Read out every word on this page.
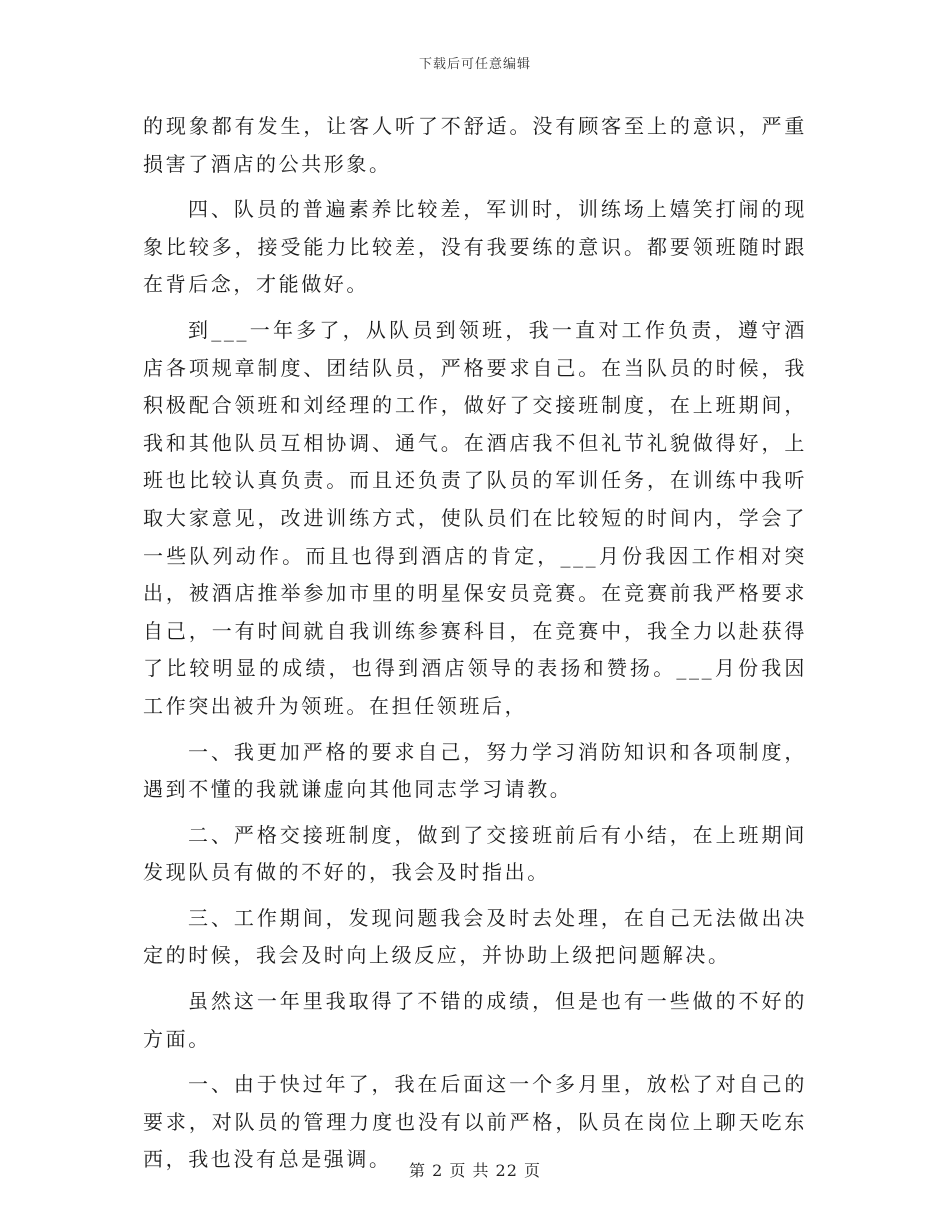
下载后可任意编辑

的现象都有发生，让客人听了不舒适。没有顾客至上的意识，严重损害了酒店的公共形象。

四、队员的普遍素养比较差，军训时，训练场上嬉笑打闹的现象比较多，接受能力比较差，没有我要练的意识。都要领班随时跟在背后念，才能做好。

到___一年多了，从队员到领班，我一直对工作负责，遵守酒店各项规章制度、团结队员，严格要求自己。在当队员的时候，我积极配合领班和刘经理的工作，做好了交接班制度，在上班期间，我和其他队员互相协调、通气。在酒店我不但礼节礼貌做得好，上班也比较认真负责。而且还负责了队员的军训任务，在训练中我听取大家意见，改进训练方式，使队员们在比较短的时间内，学会了一些队列动作。而且也得到酒店的肯定，___月份我因工作相对突出，被酒店推举参加市里的明星保安员竞赛。在竞赛前我严格要求自己，一有时间就自我训练参赛科目，在竞赛中，我全力以赴获得了比较明显的成绩，也得到酒店领导的表扬和赞扬。___月份我因工作突出被升为领班。在担任领班后，

一、我更加严格的要求自己，努力学习消防知识和各项制度，遇到不懂的我就谦虚向其他同志学习请教。

二、严格交接班制度，做到了交接班前后有小结，在上班期间发现队员有做的不好的，我会及时指出。

三、工作期间，发现问题我会及时去处理，在自己无法做出决定的时候，我会及时向上级反应，并协助上级把问题解决。

虽然这一年里我取得了不错的成绩，但是也有一些做的不好的方面。

一、由于快过年了，我在后面这一个多月里，放松了对自己的要求，对队员的管理力度也没有以前严格，队员在岗位上聊天吃东西，我也没有总是强调。	第 2 页 共 22 页
